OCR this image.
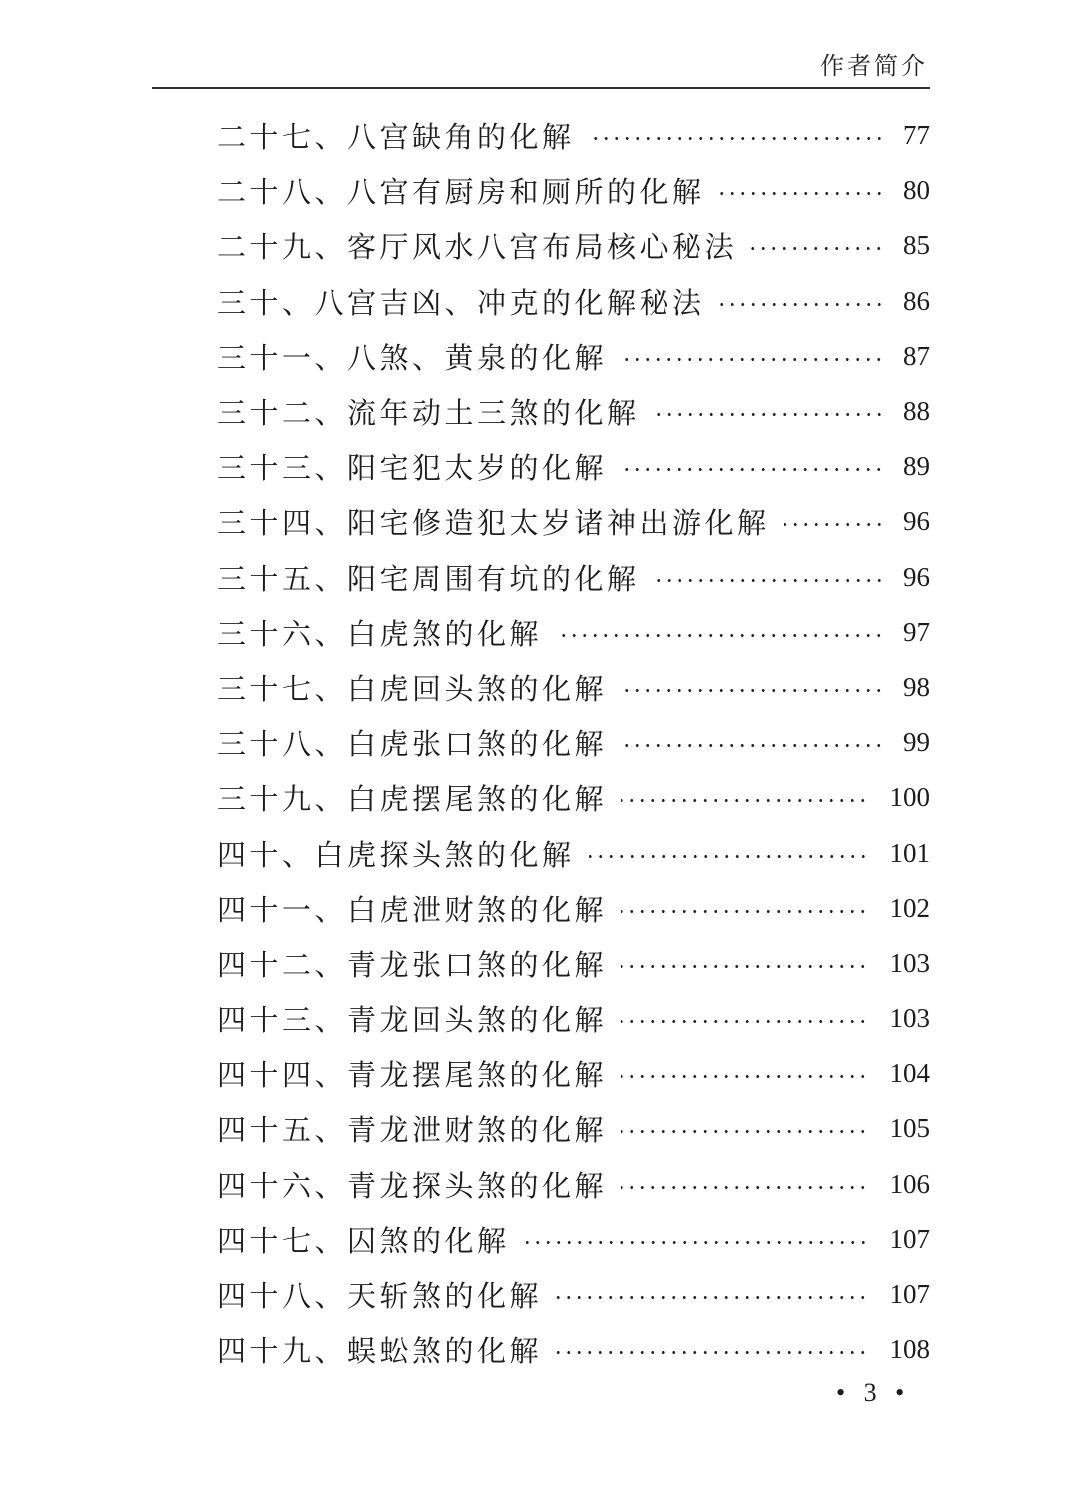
作者简介
二十七、八宫缺角的化解	77
二十八、八宫有厨房和厕所的化解	80
二十九、客厅风水八宫布局核心秘法	85
三十、八宫吉凶、冲克的化解秘法	86
三十一、八煞、黄泉的化解	87
三十二、流年动土三煞的化解	88
三十三、阳宅犯太岁的化解	89
三十四、阳宅修造犯太岁诸神出游化解	96
三十五、阳宅周围有坑的化解	96
三十六、白虎煞的化解	97
三十七、白虎回头煞的化解	98
三十八、白虎张口煞的化解	99
三十九、白虎摆尾煞的化解	100
四十、白虎探头煞的化解	101
四十一、白虎泄财煞的化解	102
四十二、青龙张口煞的化解	103
四十三、青龙回头煞的化解	103
四十四、青龙摆尾煞的化解	104
四十五、青龙泄财煞的化解	105
四十六、青龙探头煞的化解	106
四十七、囚煞的化解	107
四十八、天斩煞的化解	107
四十九、蜈蚣煞的化解	108
• 3 •
